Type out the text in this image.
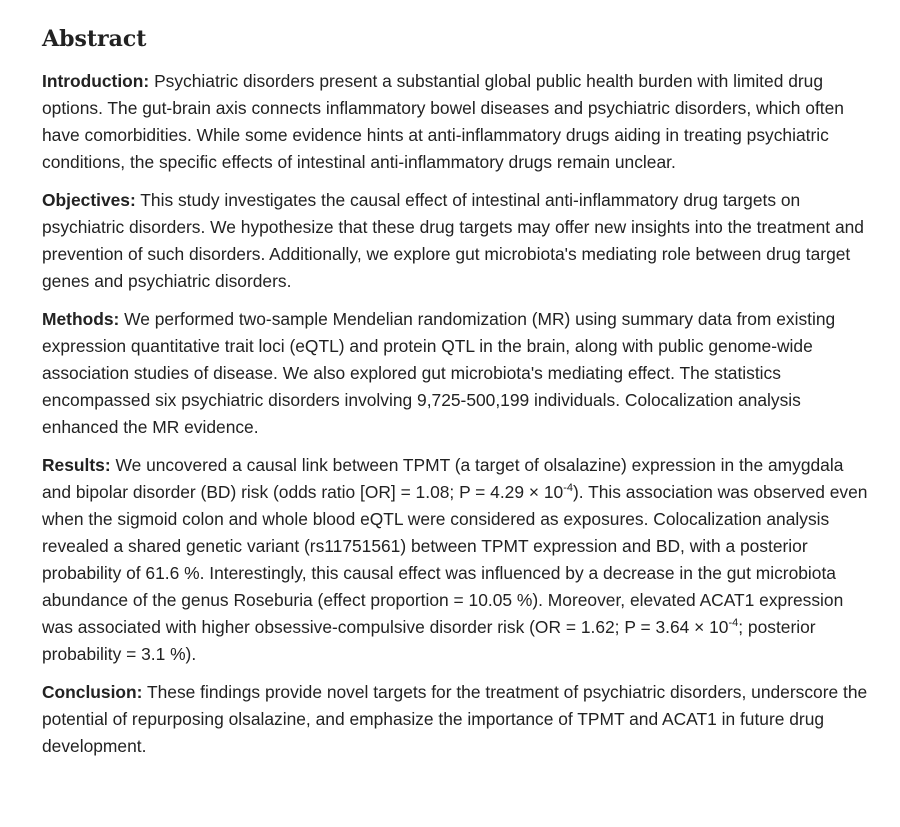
Abstract

Introduction: Psychiatric disorders present a substantial global public health burden with limited drug options. The gut-brain axis connects inflammatory bowel diseases and psychiatric disorders, which often have comorbidities. While some evidence hints at anti-inflammatory drugs aiding in treating psychiatric conditions, the specific effects of intestinal anti-inflammatory drugs remain unclear.

Objectives: This study investigates the causal effect of intestinal anti-inflammatory drug targets on psychiatric disorders. We hypothesize that these drug targets may offer new insights into the treatment and prevention of such disorders. Additionally, we explore gut microbiota's mediating role between drug target genes and psychiatric disorders.

Methods: We performed two-sample Mendelian randomization (MR) using summary data from existing expression quantitative trait loci (eQTL) and protein QTL in the brain, along with public genome-wide association studies of disease. We also explored gut microbiota's mediating effect. The statistics encompassed six psychiatric disorders involving 9,725-500,199 individuals. Colocalization analysis enhanced the MR evidence.

Results: We uncovered a causal link between TPMT (a target of olsalazine) expression in the amygdala and bipolar disorder (BD) risk (odds ratio [OR] = 1.08; $P = 4.29 \times 10^{-4}$). This association was observed even when the sigmoid colon and whole blood eQTL were considered as exposures. Colocalization analysis revealed a shared genetic variant (rs11751561) between TPMT expression and BD, with a posterior probability of 61.6 %. Interestingly, this causal effect was influenced by a decrease in the gut microbiota abundance of the genus Roseburia (effect proportion = 10.05 %). Moreover, elevated ACAT1 expression was associated with higher obsessive-compulsive disorder risk (OR = 1.62; $P = 3.64 \times 10^{-4}$; posterior probability = 3.1 %).

Conclusion: These findings provide novel targets for the treatment of psychiatric disorders, underscore the potential of repurposing olsalazine, and emphasize the importance of TPMT and ACAT1 in future drug development.
